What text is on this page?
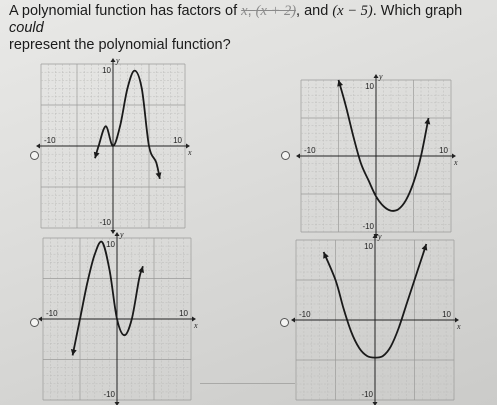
A polynomial function has factors of x, (x + 2), and (x − 5). Which graph could
represent the polynomial function?
-10	10
10
-10
x
y
-10	10
10
-10
x
y
-10	10
10
-10
x
y
-10	10
10
-10
x
y
